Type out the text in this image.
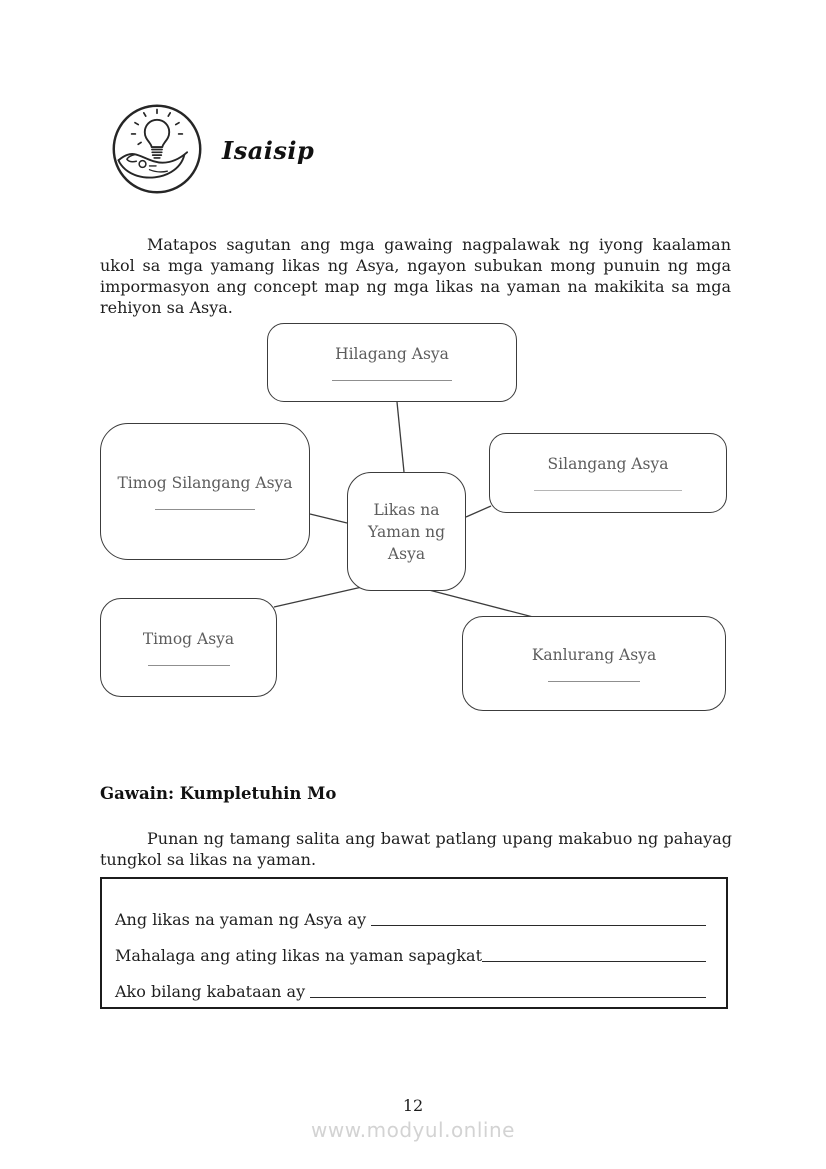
Isaisip

Matapos sagutan ang mga gawaing nagpalawak ng iyong kaalaman ukol sa mga yamang likas ng Asya, ngayon subukan mong punuin ng mga impormasyon ang concept map ng mga likas na yaman na makikita sa mga rehiyon sa Asya.

Hilagang Asya
Timog Silangang Asya
Silangang Asya
Likas na Yaman ng Asya
Timog Asya
Kanlurang Asya
Gawain: Kumpletuhin Mo

Punan ng tamang salita ang bawat patlang upang makabuo ng pahayag tungkol sa likas na yaman.

Ang likas na yaman ng Asya ay
Mahalaga ang ating likas na yaman sapagkat
Ako bilang kabataan ay
12
www.modyul.online
